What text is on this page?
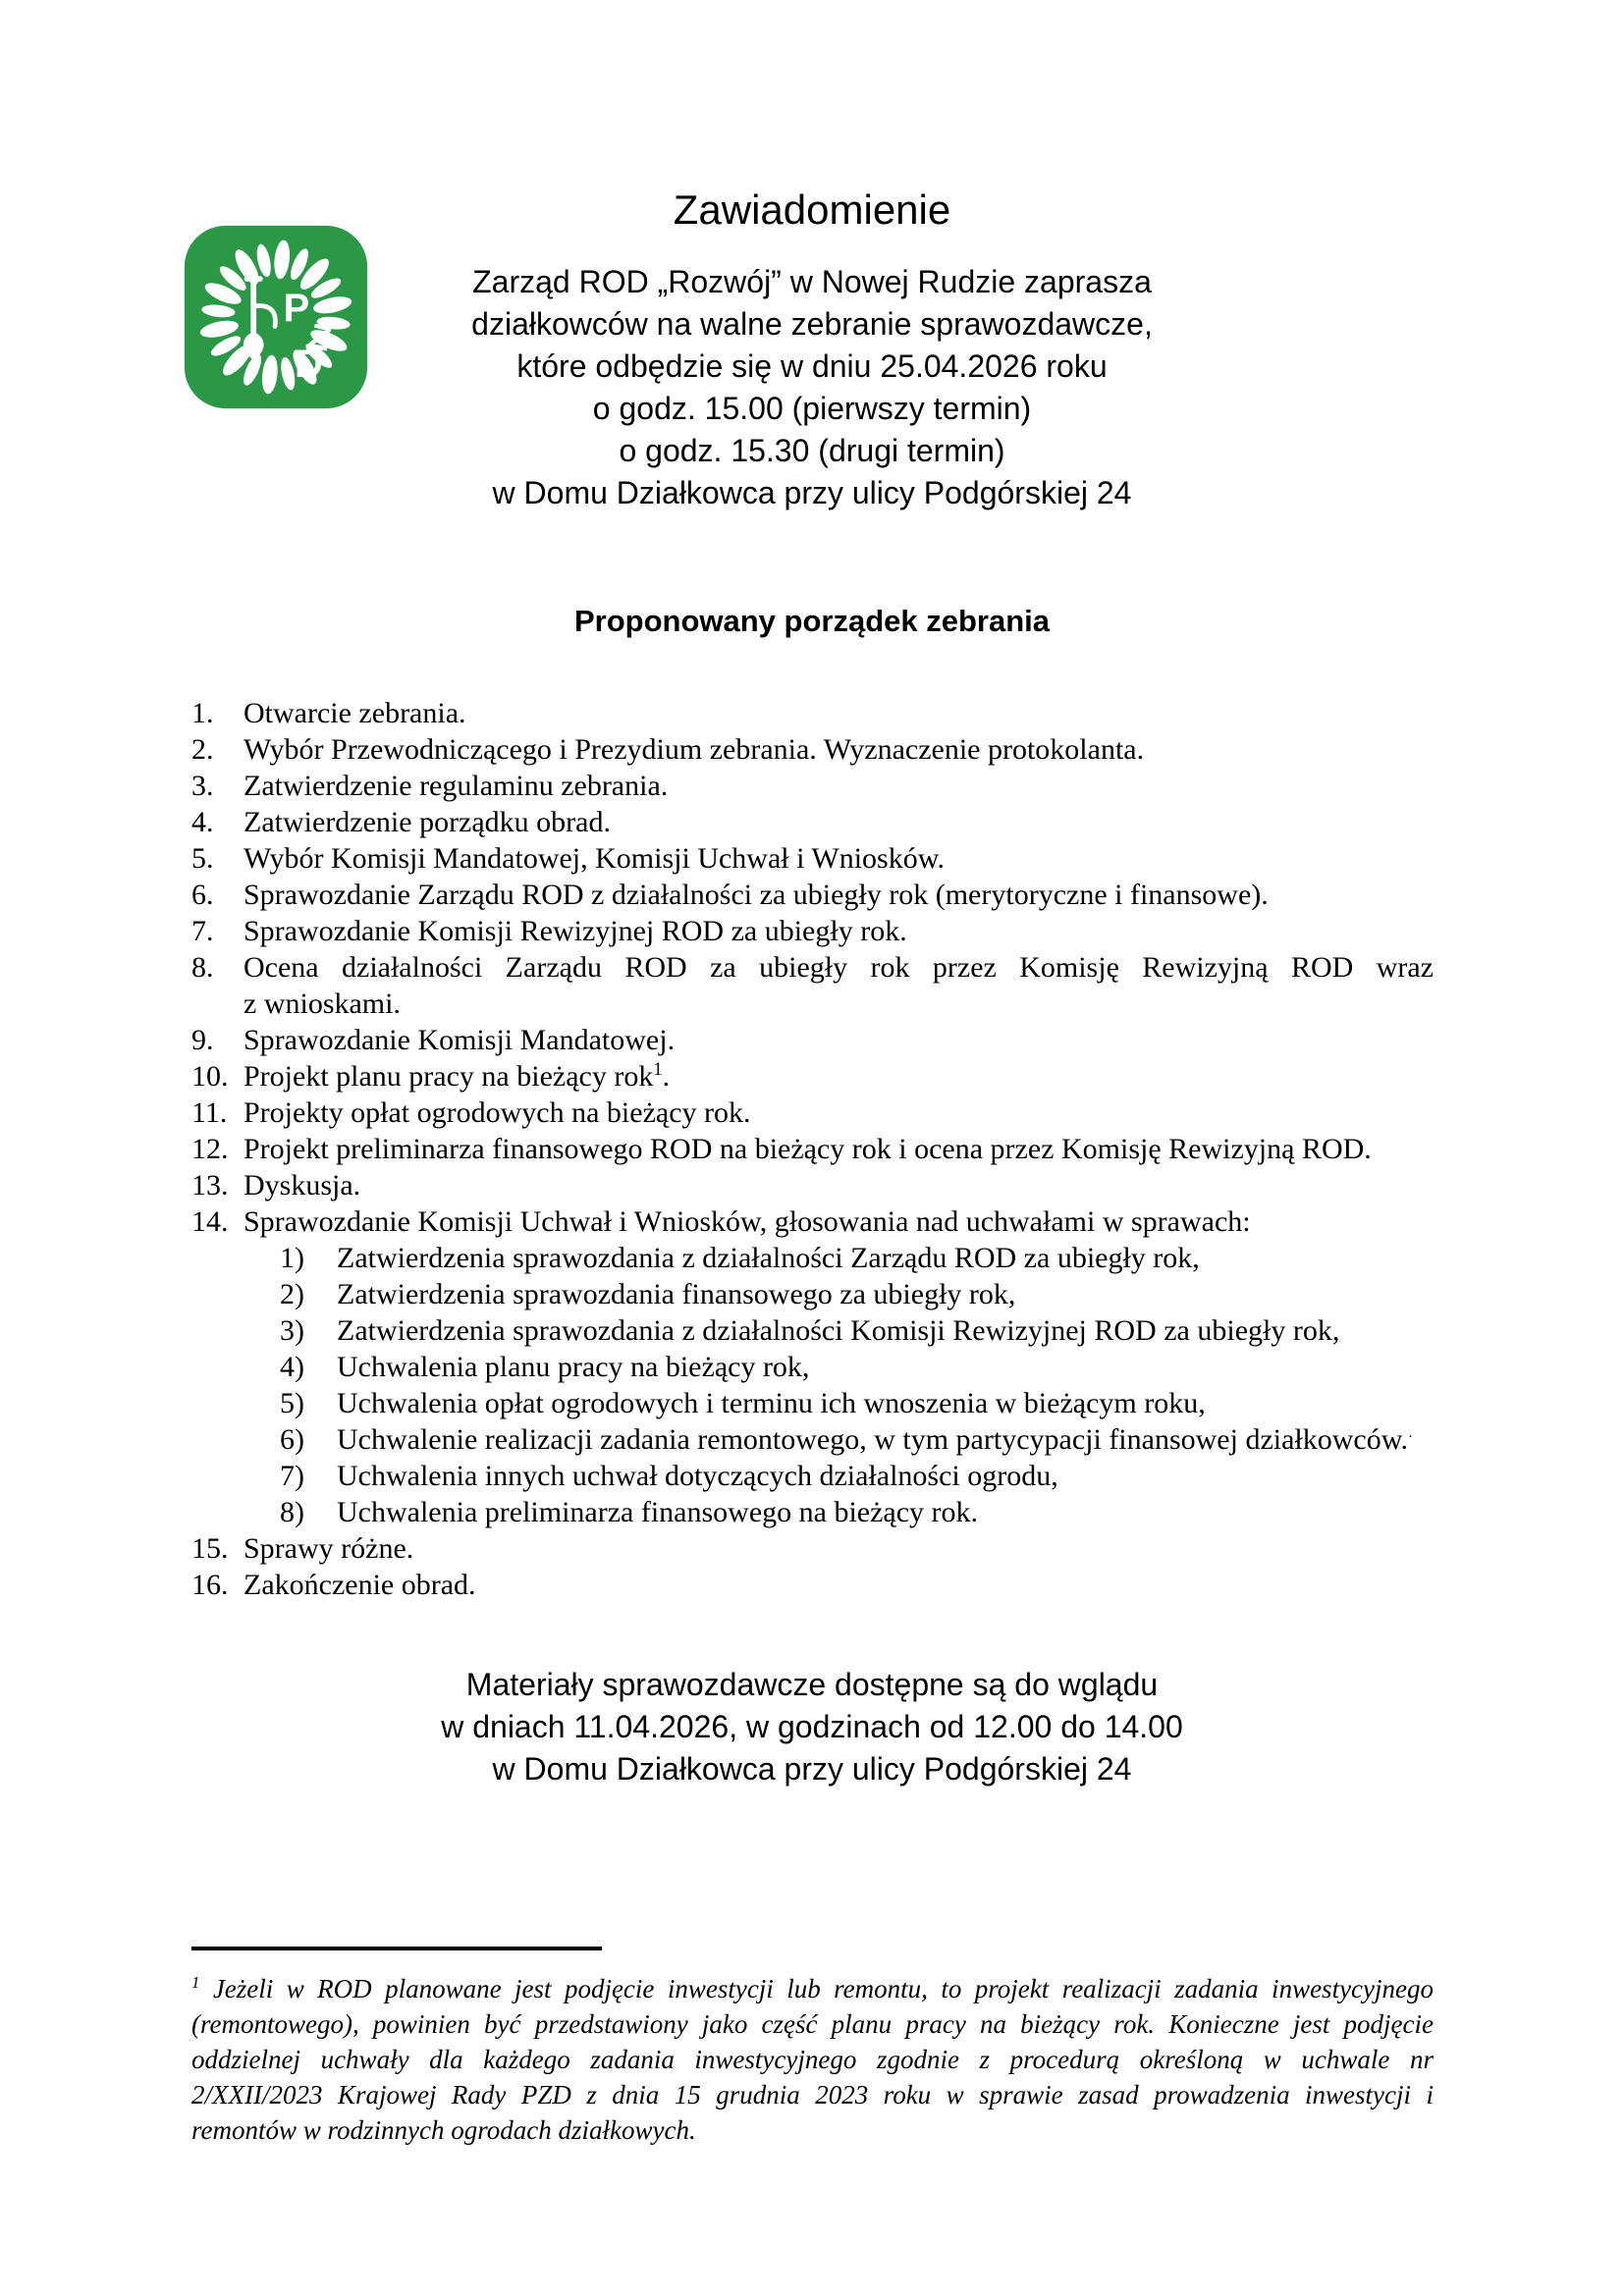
P
Z
D
Zawiadomienie
Zarząd ROD „Rozwój” w Nowej Rudzie zaprasza
działkowców na walne zebranie sprawozdawcze,
które odbędzie się w dniu 25.04.2026 roku
o godz. 15.00 (pierwszy termin)
o godz. 15.30 (drugi termin)
w Domu Działkowca przy ulicy Podgórskiej 24
Proponowany porządek zebrania
1. Otwarcie zebrania.
2. Wybór Przewodniczącego i Prezydium zebrania. Wyznaczenie protokolanta.
3. Zatwierdzenie regulaminu zebrania.
4. Zatwierdzenie porządku obrad.
5. Wybór Komisji Mandatowej, Komisji Uchwał i Wniosków.
6. Sprawozdanie Zarządu ROD z działalności za ubiegły rok (merytoryczne i finansowe).
7. Sprawozdanie Komisji Rewizyjnej ROD za ubiegły rok.
8. Ocena działalności Zarządu ROD za ubiegły rok przez Komisję Rewizyjną ROD wraz
z wnioskami.
9. Sprawozdanie Komisji Mandatowej.
10. Projekt planu pracy na bieżący rok$^1$.
11. Projekty opłat ogrodowych na bieżący rok.
12. Projekt preliminarza finansowego ROD na bieżący rok i ocena przez Komisję Rewizyjną ROD.
13. Dyskusja.
14. Sprawozdanie Komisji Uchwał i Wniosków, głosowania nad uchwałami w sprawach:
1) Zatwierdzenia sprawozdania z działalności Zarządu ROD za ubiegły rok,
2) Zatwierdzenia sprawozdania finansowego za ubiegły rok,
3) Zatwierdzenia sprawozdania z działalności Komisji Rewizyjnej ROD za ubiegły rok,
4) Uchwalenia planu pracy na bieżący rok,
5) Uchwalenia opłat ogrodowych i terminu ich wnoszenia w bieżącym roku,
6) Uchwalenie realizacji zadania remontowego, w tym partycypacji finansowej działkowców.·
7) Uchwalenia innych uchwał dotyczących działalności ogrodu,
8) Uchwalenia preliminarza finansowego na bieżący rok.
15. Sprawy różne.
16. Zakończenie obrad.
Materiały sprawozdawcze dostępne są do wglądu
w dniach 11.04.2026, w godzinach od 12.00 do 14.00
w Domu Działkowca przy ulicy Podgórskiej 24
$^1$ Jeżeli w ROD planowane jest podjęcie inwestycji lub remontu, to projekt realizacji zadania inwestycyjnego
(remontowego), powinien być przedstawiony jako część planu pracy na bieżący rok. Konieczne jest podjęcie
oddzielnej uchwały dla każdego zadania inwestycyjnego zgodnie z procedurą określoną w uchwale nr
2/XXII/2023 Krajowej Rady PZD z dnia 15 grudnia 2023 roku w sprawie zasad prowadzenia inwestycji i
remontów w rodzinnych ogrodach działkowych.
